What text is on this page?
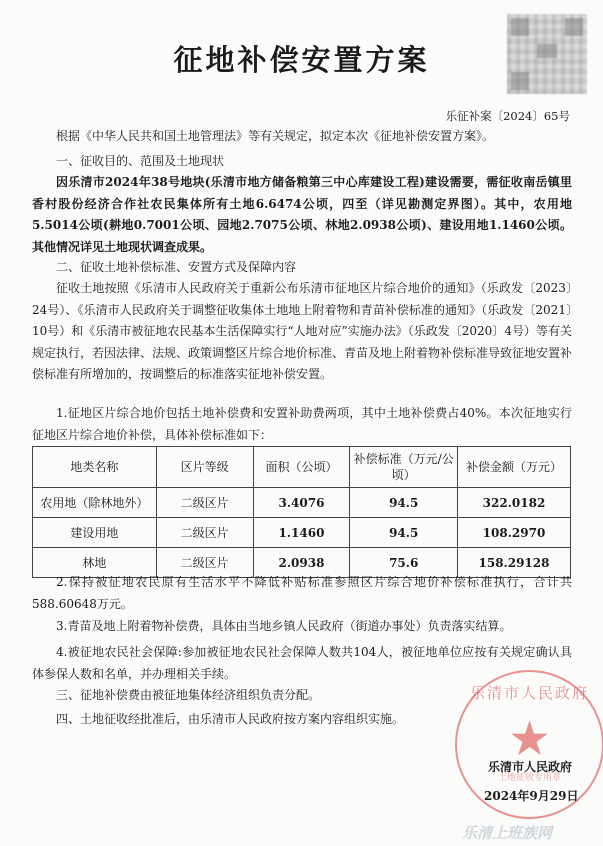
征地补偿安置方案
乐征补案〔2024〕65号

根据《中华人民共和国土地管理法》等有关规定，拟定本次《征地补偿安置方案》。

一、征收目的、范围及土地现状

因乐清市2024年38号地块(乐清市地方储备粮第三中心库建设工程)建设需要，需征收南岳镇里香村股份经济合作社农民集体所有土地6.6474公顷，四至（详见勘测定界图）。其中，农用地5.5014公顷(耕地0.7001公顷、园地2.7075公顷、林地2.0938公顷)、建设用地1.1460公顷。其他情况详见土地现状调查成果。

二、征收土地补偿标准、安置方式及保障内容

征收土地按照《乐清市人民政府关于重新公布乐清市征地区片综合地价的通知》（乐政发〔2023〕24号）、《乐清市人民政府关于调整征收集体土地地上附着物和青苗补偿标准的通知》（乐政发〔2021〕10号）和《乐清市被征地农民基本生活保障实行“人地对应”实施办法》（乐政发〔2020〕4号）等有关规定执行，若因法律、法规、政策调整区片综合地价标准、青苗及地上附着物补偿标准导致征地安置补偿标准有所增加的，按调整后的标准落实征地补偿安置。

1.征地区片综合地价包括土地补偿费和安置补助费两项，其中土地补偿费占40%。本次征地实行征地区片综合地价补偿，具体补偿标准如下：

地类名称	区片等级	面积（公顷）	补偿标准（万元/公顷）	补偿金额（万元）
农用地（除林地外）	二级区片	3.4076	94.5	322.0182
建设用地	二级区片	1.1460	94.5	108.2970
林地	二级区片	2.0938	75.6	158.29128

2.保持被征地农民原有生活水平不降低补贴标准参照区片综合地价补偿标准执行，合计共588.60648万元。

3.青苗及地上附着物补偿费，具体由当地乡镇人民政府（街道办事处）负责落实结算。

4.被征地农民社会保障:参加被征地农民社会保障人数共104人，被征地单位应按有关规定确认具体参保人数和名单，并办理相关手续。

三、征地补偿费由被征地集体经济组织负责分配。
四、土地征收经批准后，由乐清市人民政府按方案内容组织实施。
乐清市人民政府
★
土地征收专用章
乐清市人民政府
2024年9月29日
乐清上班族网
